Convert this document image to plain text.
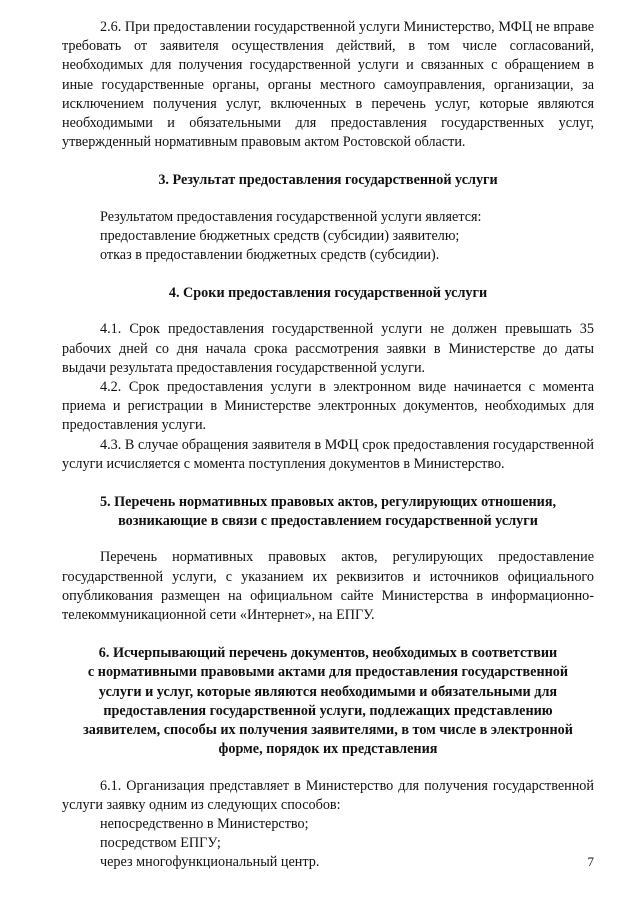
2.6. При предоставлении государственной услуги Министерство, МФЦ не вправе требовать от заявителя осуществления действий, в том числе согласований, необходимых для получения государственной услуги и связанных с обращением в иные государственные органы, органы местного самоуправления, организации, за исключением получения услуг, включенных в перечень услуг, которые являются необходимыми и обязательными для предоставления государственных услуг, утвержденный нормативным правовым актом Ростовской области.

3. Результат предоставления государственной услуги

Результатом предоставления государственной услуги является:

предоставление бюджетных средств (субсидии) заявителю;

отказ в предоставлении бюджетных средств (субсидии).

4. Сроки предоставления государственной услуги

4.1. Срок предоставления государственной услуги не должен превышать 35 рабочих дней со дня начала срока рассмотрения заявки в Министерстве до даты выдачи результата предоставления государственной услуги.

4.2. Срок предоставления услуги в электронном виде начинается с момента приема и регистрации в Министерстве электронных документов, необходимых для предоставления услуги.

4.3. В случае обращения заявителя в МФЦ срок предоставления государственной услуги исчисляется с момента поступления документов в Министерство.

5. Перечень нормативных правовых актов, регулирующих отношения,
возникающие в связи с предоставлением государственной услуги

Перечень нормативных правовых актов, регулирующих предоставление государственной услуги, с указанием их реквизитов и источников официального опубликования размещен на официальном сайте Министерства в информационно-телекоммуникационной сети «Интернет», на ЕПГУ.

6. Исчерпывающий перечень документов, необходимых в соответствии
с нормативными правовыми актами для предоставления государственной
услуги и услуг, которые являются необходимыми и обязательными для
предоставления государственной услуги, подлежащих представлению
заявителем, способы их получения заявителями, в том числе в электронной
форме, порядок их представления

6.1. Организация представляет в Министерство для получения государственной услуги заявку одним из следующих способов:

непосредственно в Министерство;

посредством ЕПГУ;

через многофункциональный центр.	7
